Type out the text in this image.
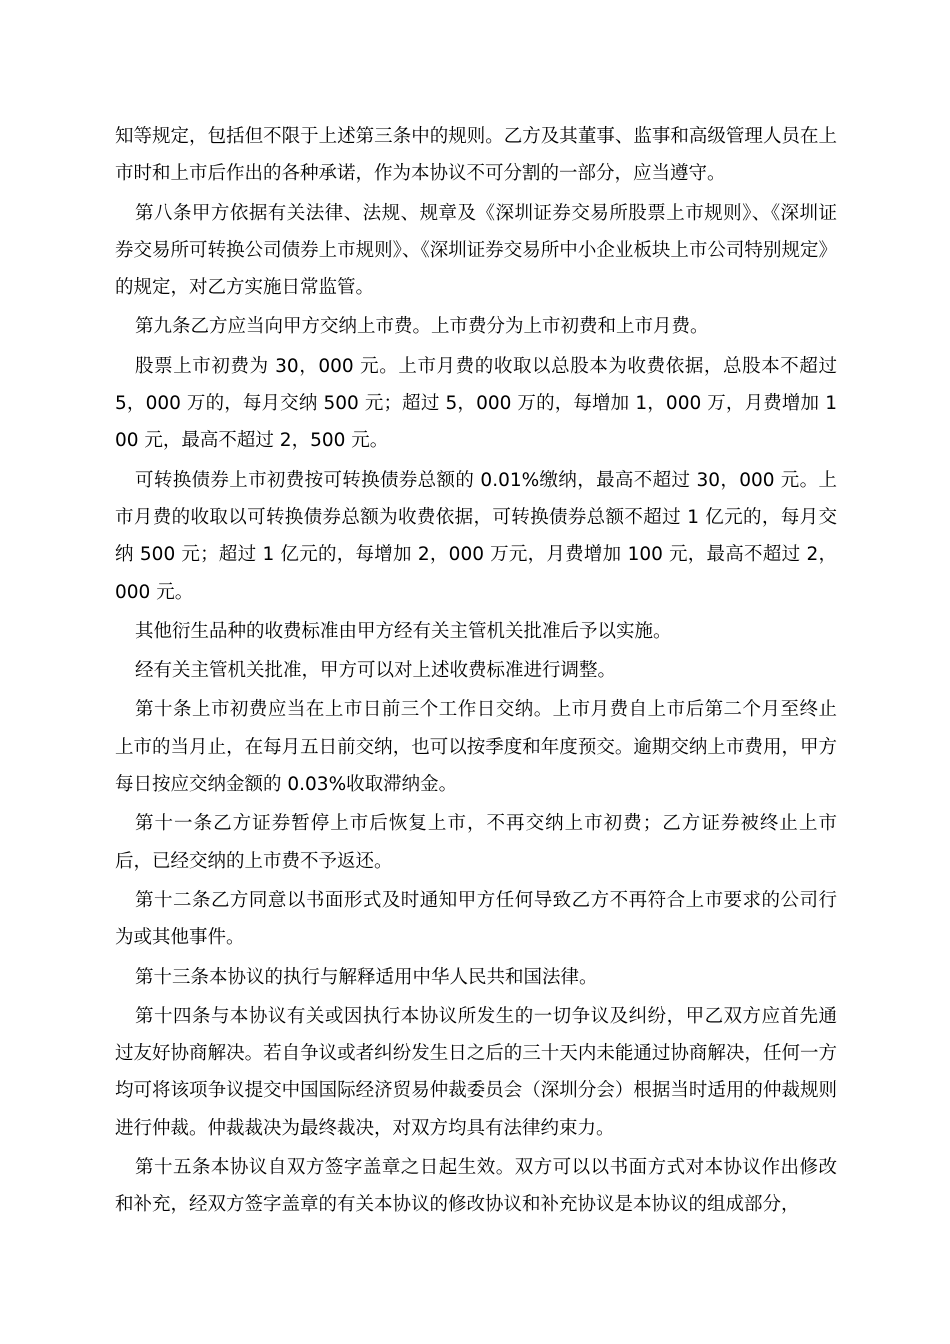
知等规定，包括但不限于上述第三条中的规则。乙方及其董事、监事和高级管理人员在上市时和上市后作出的各种承诺，作为本协议不可分割的一部分，应当遵守。

第八条甲方依据有关法律、法规、规章及《深圳证券交易所股票上市规则》、《深圳证券交易所可转换公司债券上市规则》、《深圳证券交易所中小企业板块上市公司特别规定》的规定，对乙方实施日常监管。

第九条乙方应当向甲方交纳上市费。上市费分为上市初费和上市月费。

股票上市初费为 30，000 元。上市月费的收取以总股本为收费依据，总股本不超过 5，000 万的，每月交纳 500 元；超过 5，000 万的，每增加 1，000 万，月费增加 100 元，最高不超过 2，500 元。

可转换债券上市初费按可转换债券总额的 0.01%缴纳，最高不超过 30，000 元。上市月费的收取以可转换债券总额为收费依据，可转换债券总额不超过 1 亿元的，每月交纳 500 元；超过 1 亿元的，每增加 2，000 万元，月费增加 100 元，最高不超过 2，000 元。

其他衍生品种的收费标准由甲方经有关主管机关批准后予以实施。

经有关主管机关批准，甲方可以对上述收费标准进行调整。

第十条上市初费应当在上市日前三个工作日交纳。上市月费自上市后第二个月至终止上市的当月止，在每月五日前交纳，也可以按季度和年度预交。逾期交纳上市费用，甲方每日按应交纳金额的 0.03%收取滞纳金。

第十一条乙方证券暂停上市后恢复上市，不再交纳上市初费；乙方证券被终止上市后，已经交纳的上市费不予返还。

第十二条乙方同意以书面形式及时通知甲方任何导致乙方不再符合上市要求的公司行为或其他事件。

第十三条本协议的执行与解释适用中华人民共和国法律。

第十四条与本协议有关或因执行本协议所发生的一切争议及纠纷，甲乙双方应首先通过友好协商解决。若自争议或者纠纷发生日之后的三十天内未能通过协商解决，任何一方均可将该项争议提交中国国际经济贸易仲裁委员会（深圳分会）根据当时适用的仲裁规则进行仲裁。仲裁裁决为最终裁决，对双方均具有法律约束力。

第十五条本协议自双方签字盖章之日起生效。双方可以以书面方式对本协议作出修改和补充，经双方签字盖章的有关本协议的修改协议和补充协议是本协议的组成部分，
